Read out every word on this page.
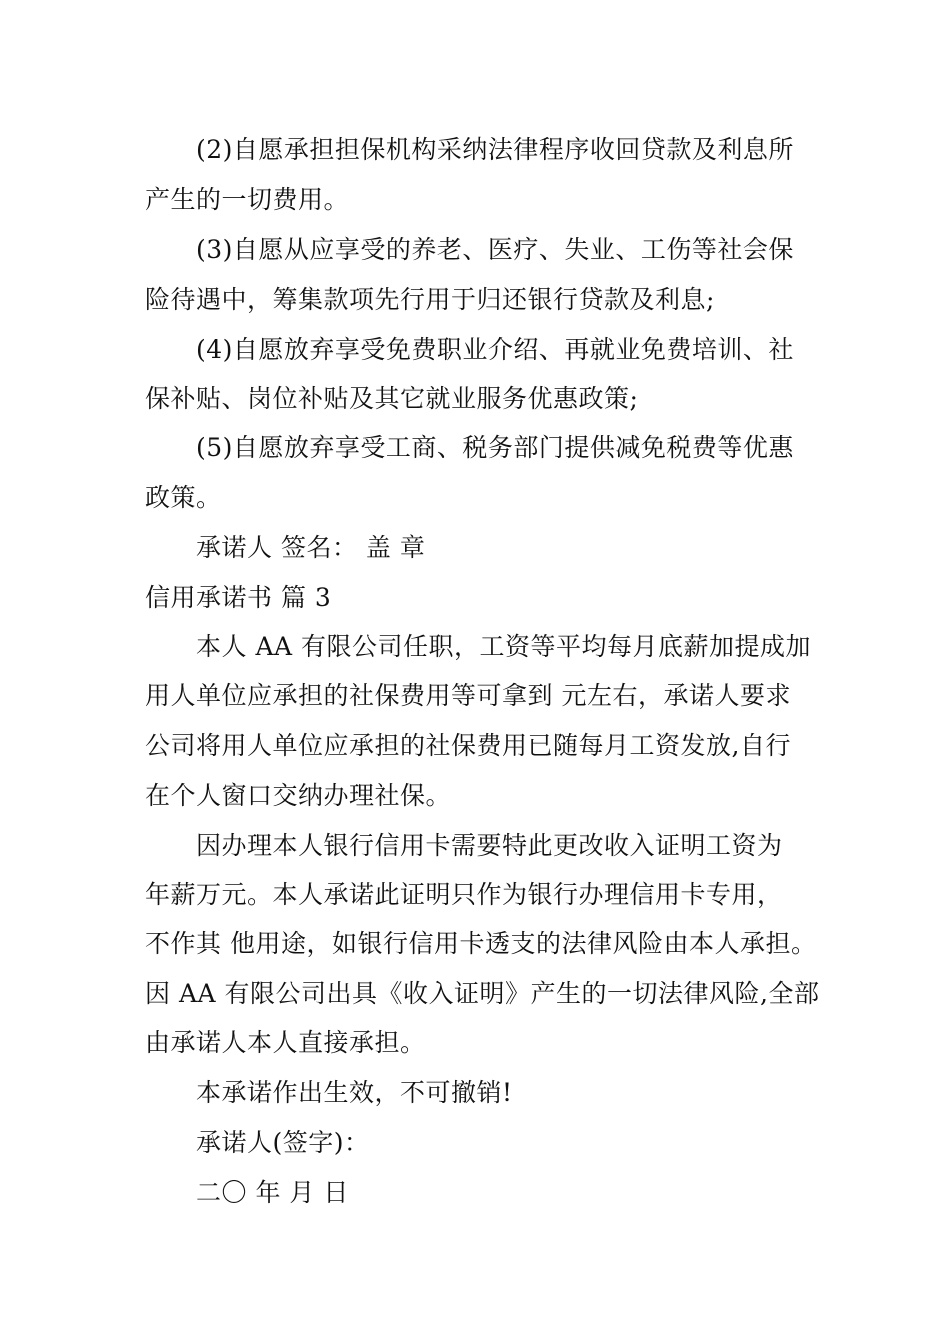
(2)自愿承担担保机构采纳法律程序收回贷款及利息所
产生的一切费用。
(3)自愿从应享受的养老、医疗、失业、工伤等社会保
险待遇中，筹集款项先行用于归还银行贷款及利息;
(4)自愿放弃享受免费职业介绍、再就业免费培训、社
保补贴、岗位补贴及其它就业服务优惠政策;
(5)自愿放弃享受工商、税务部门提供减免税费等优惠
政策。
承诺人 签名： 盖 章
信用承诺书 篇 3
本人 AA 有限公司任职，工资等平均每月底薪加提成加
用人单位应承担的社保费用等可拿到 元左右，承诺人要求
公司将用人单位应承担的社保费用已随每月工资发放,自行
在个人窗口交纳办理社保。
因办理本人银行信用卡需要特此更改收入证明工资为
年薪万元。本人承诺此证明只作为银行办理信用卡专用，
不作其 他用途，如银行信用卡透支的法律风险由本人承担。
因 AA 有限公司出具《收入证明》产生的一切法律风险,全部
由承诺人本人直接承担。
本承诺作出生效，不可撤销!
承诺人(签字)：
二〇 年 月 日
